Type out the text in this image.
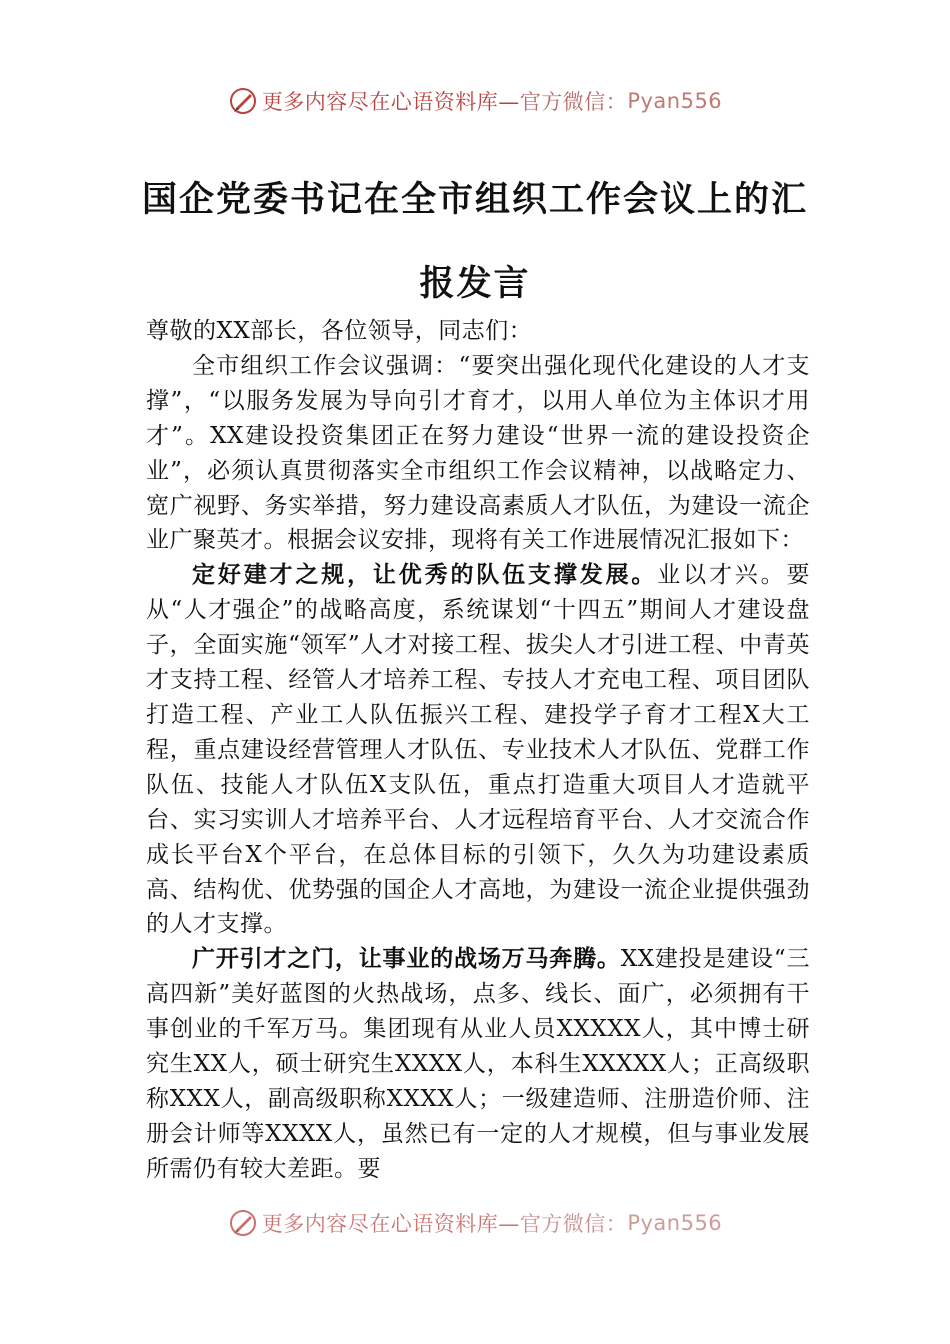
更多内容尽在心语资料库—官方微信：Pyan556
国企党委书记在全市组织工作会议上的汇报发言

尊敬的XX部长，各位领导，同志们：

全市组织工作会议强调：“要突出强化现代化建设的人才支撑”，“以服务发展为导向引才育才，以用人单位为主体识才用才”。XX建设投资集团正在努力建设“世界一流的建设投资企业”，必须认真贯彻落实全市组织工作会议精神，以战略定力、宽广视野、务实举措，努力建设高素质人才队伍，为建设一流企业广聚英才。根据会议安排，现将有关工作进展情况汇报如下：

定好建才之规，让优秀的队伍支撑发展。业以才兴。要从“人才强企”的战略高度，系统谋划“十四五”期间人才建设盘子，全面实施“领军”人才对接工程、拔尖人才引进工程、中青英才支持工程、经管人才培养工程、专技人才充电工程、项目团队打造工程、产业工人队伍振兴工程、建投学子育才工程X大工程，重点建设经营管理人才队伍、专业技术人才队伍、党群工作队伍、技能人才队伍X支队伍，重点打造重大项目人才造就平台、实习实训人才培养平台、人才远程培育平台、人才交流合作成长平台X个平台，在总体目标的引领下，久久为功建设素质高、结构优、优势强的国企人才高地，为建设一流企业提供强劲的人才支撑。

广开引才之门，让事业的战场万马奔腾。XX建投是建设“三高四新”美好蓝图的火热战场，点多、线长、面广，必须拥有干事创业的千军万马。集团现有从业人员XXXXX人，其中博士研究生XX人，硕士研究生XXXX人，本科生XXXXX人；正高级职称XXX人，副高级职称XXXX人；一级建造师、注册造价师、注册会计师等XXXX人，虽然已有一定的人才规模，但与事业发展所需仍有较大差距。要

更多内容尽在心语资料库—官方微信：Pyan556
